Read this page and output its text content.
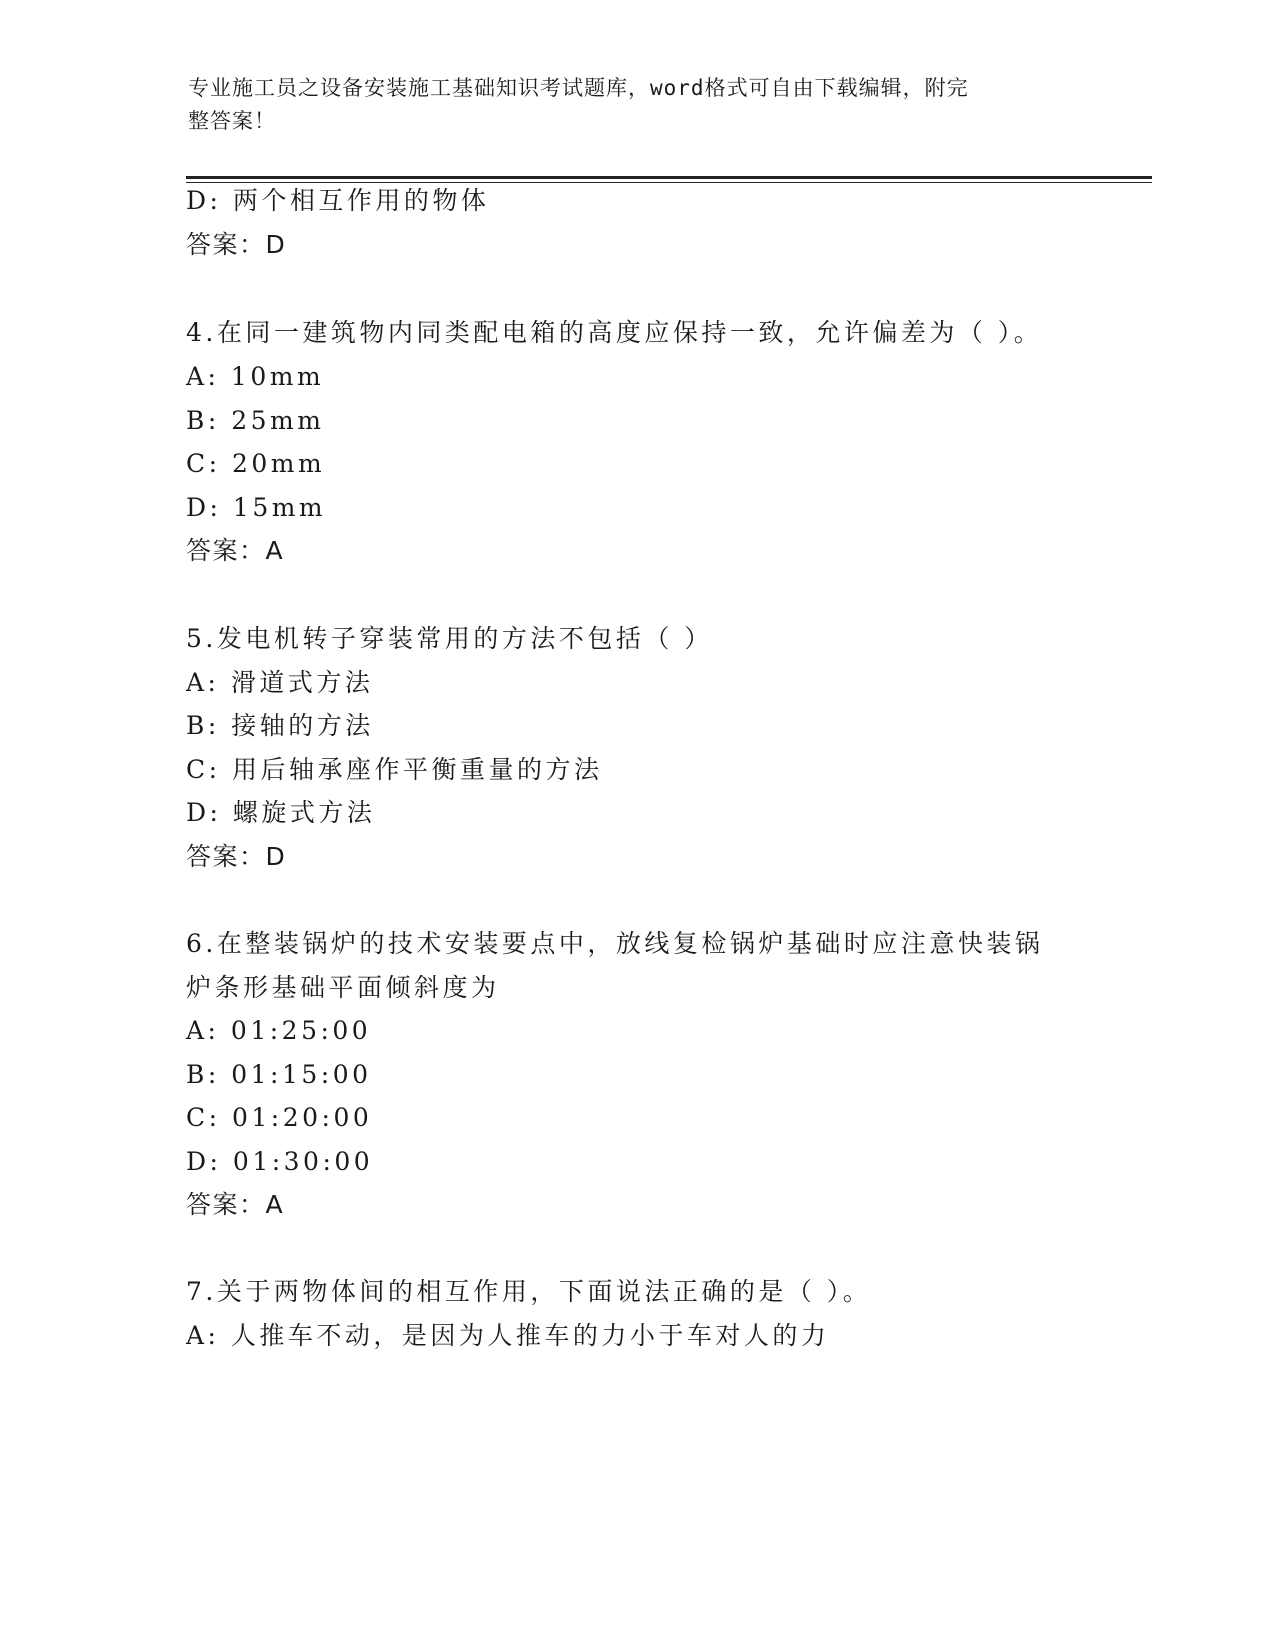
专业施工员之设备安装施工基础知识考试题库，word格式可自由下载编辑，附完
整答案！
D: 两个相互作用的物体
答案：D
4.在同一建筑物内同类配电箱的高度应保持一致，允许偏差为（ ）。
A: 10mm
B: 25mm
C: 20mm
D: 15mm
答案：A
5.发电机转子穿装常用的方法不包括（ ）
A: 滑道式方法
B: 接轴的方法
C: 用后轴承座作平衡重量的方法
D: 螺旋式方法
答案：D
6.在整装锅炉的技术安装要点中，放线复检锅炉基础时应注意快装锅
炉条形基础平面倾斜度为
A: 01:25:00
B: 01:15:00
C: 01:20:00
D: 01:30:00
答案：A
7.关于两物体间的相互作用，下面说法正确的是（ ）。
A: 人推车不动，是因为人推车的力小于车对人的力
